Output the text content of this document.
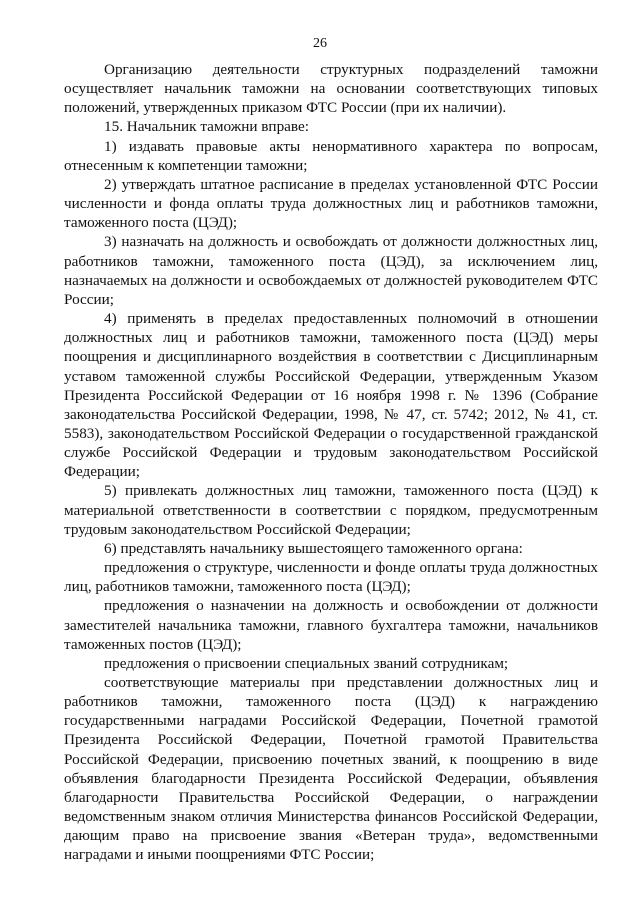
26

Организацию деятельности структурных подразделений таможни осуществляет начальник таможни на основании соответствующих типовых положений, утвержденных приказом ФТС России (при их наличии).

15. Начальник таможни вправе:

1) издавать правовые акты ненормативного характера по вопросам, отнесенным к компетенции таможни;

2) утверждать штатное расписание в пределах установленной ФТС России численности и фонда оплаты труда должностных лиц и работников таможни, таможенного поста (ЦЭД);

3) назначать на должность и освобождать от должности должностных лиц, работников таможни, таможенного поста (ЦЭД), за исключением лиц, назначаемых на должности и освобождаемых от должностей руководителем ФТС России;

4) применять в пределах предоставленных полномочий в отношении должностных лиц и работников таможни, таможенного поста (ЦЭД) меры поощрения и дисциплинарного воздействия в соответствии с Дисциплинарным уставом таможенной службы Российской Федерации, утвержденным Указом Президента Российской Федерации от 16 ноября 1998 г. № 1396 (Собрание законодательства Российской Федерации, 1998, № 47, ст. 5742; 2012, № 41, ст. 5583), законодательством Российской Федерации о государственной гражданской службе Российской Федерации и трудовым законодательством Российской Федерации;

5) привлекать должностных лиц таможни, таможенного поста (ЦЭД) к материальной ответственности в соответствии с порядком, предусмотренным трудовым законодательством Российской Федерации;

6) представлять начальнику вышестоящего таможенного органа:

предложения о структуре, численности и фонде оплаты труда должностных лиц, работников таможни, таможенного поста (ЦЭД);

предложения о назначении на должность и освобождении от должности заместителей начальника таможни, главного бухгалтера таможни, начальников таможенных постов (ЦЭД);

предложения о присвоении специальных званий сотрудникам;

соответствующие материалы при представлении должностных лиц и работников таможни, таможенного поста (ЦЭД) к награждению государственными наградами Российской Федерации, Почетной грамотой Президента Российской Федерации, Почетной грамотой Правительства Российской Федерации, присвоению почетных званий, к поощрению в виде объявления благодарности Президента Российской Федерации, объявления благодарности Правительства Российской Федерации, о награждении ведомственным знаком отличия Министерства финансов Российской Федерации, дающим право на присвоение звания «Ветеран труда», ведомственными наградами и иными поощрениями ФТС России;
